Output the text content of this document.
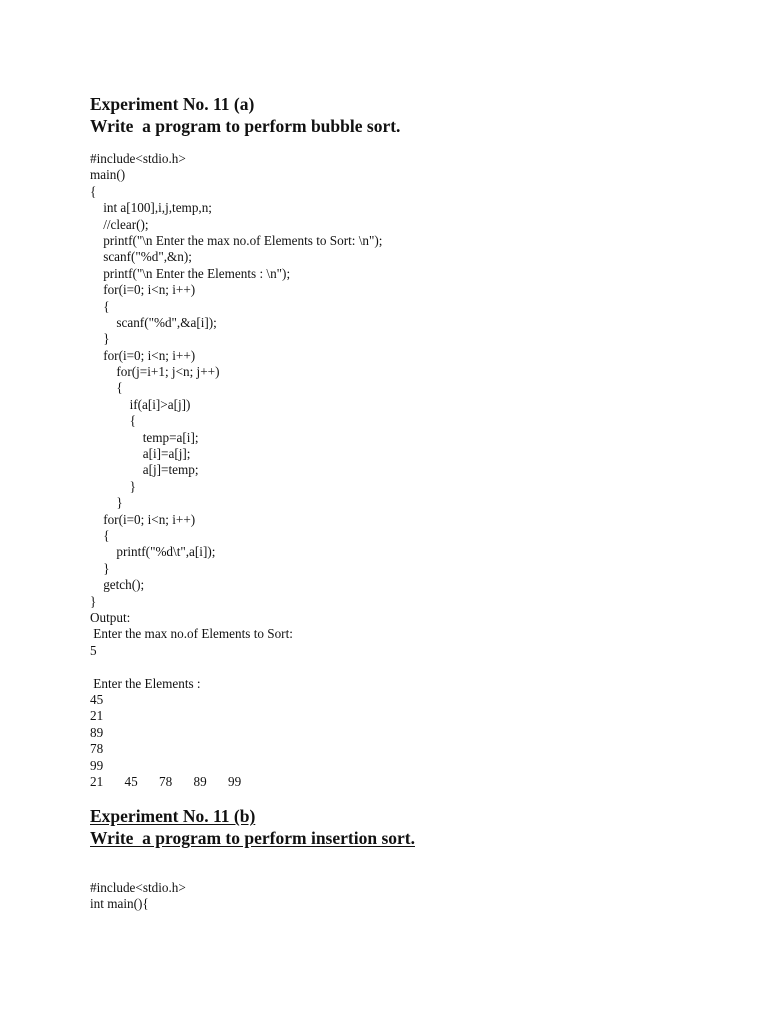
Experiment No. 11 (a)
Write  a program to perform bubble sort.
#include<stdio.h>
main()
{
int a[100],i,j,temp,n;
//clear();
printf("\n Enter the max no.of Elements to Sort: \n");
scanf("%d",&n);
printf("\n Enter the Elements : \n");
for(i=0; i<n; i++)
{
scanf("%d",&a[i]);
}
for(i=0; i<n; i++)
for(j=i+1; j<n; j++)
{
if(a[i]>a[j])
{
temp=a[i];
a[i]=a[j];
a[j]=temp;
}
}
for(i=0; i<n; i++)
{
printf("%d\t",a[i]);
}
getch();
}
Output:
Enter the max no.of Elements to Sort:
5
Enter the Elements :
45
21
89
78
99
21	45	78	89	99
Experiment No. 11 (b)
Write  a program to perform insertion sort.
#include<stdio.h>
int main(){
